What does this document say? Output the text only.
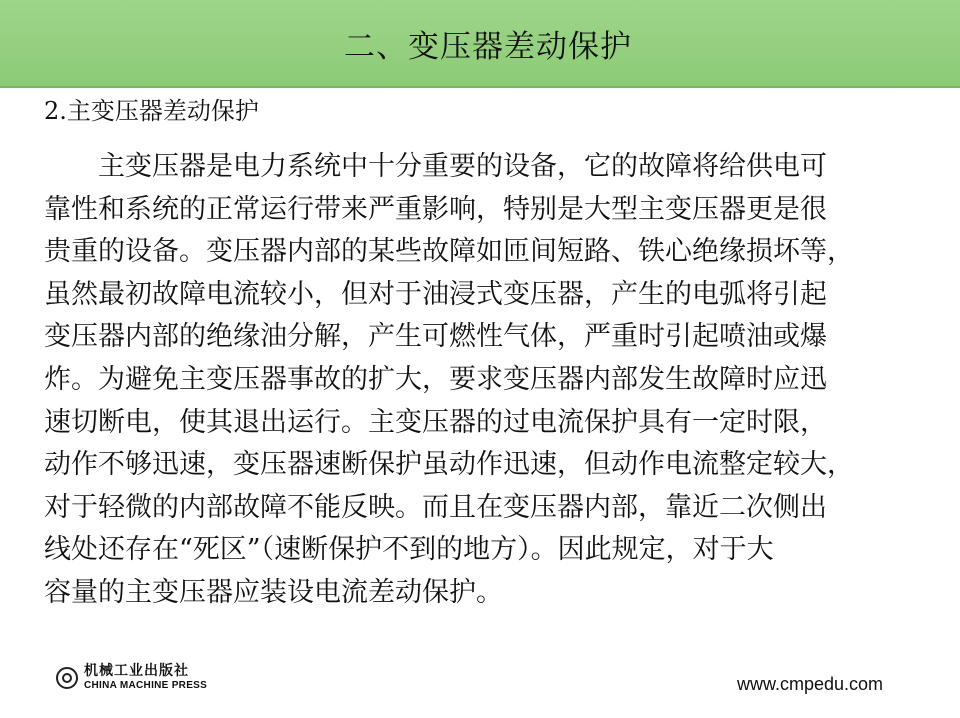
二、变压器差动保护
2.主变压器差动保护
　　主变压器是电力系统中十分重要的设备，它的故障将给供电可
靠性和系统的正常运行带来严重影响，特别是大型主变压器更是很
贵重的设备。变压器内部的某些故障如匝间短路、铁心绝缘损坏等，
虽然最初故障电流较小，但对于油浸式变压器，产生的电弧将引起
变压器内部的绝缘油分解，产生可燃性气体，严重时引起喷油或爆
炸。为避免主变压器事故的扩大，要求变压器内部发生故障时应迅
速切断电，使其退出运行。主变压器的过电流保护具有一定时限，
动作不够迅速，变压器速断保护虽动作迅速，但动作电流整定较大，
对于轻微的内部故障不能反映。而且在变压器内部，靠近二次侧出
线处还存在“死区”（速断保护不到的地方）。因此规定，对于大
容量的主变压器应装设电流差动保护。
机械工业出版社
CHINA MACHINE PRESS	www.cmpedu.com
